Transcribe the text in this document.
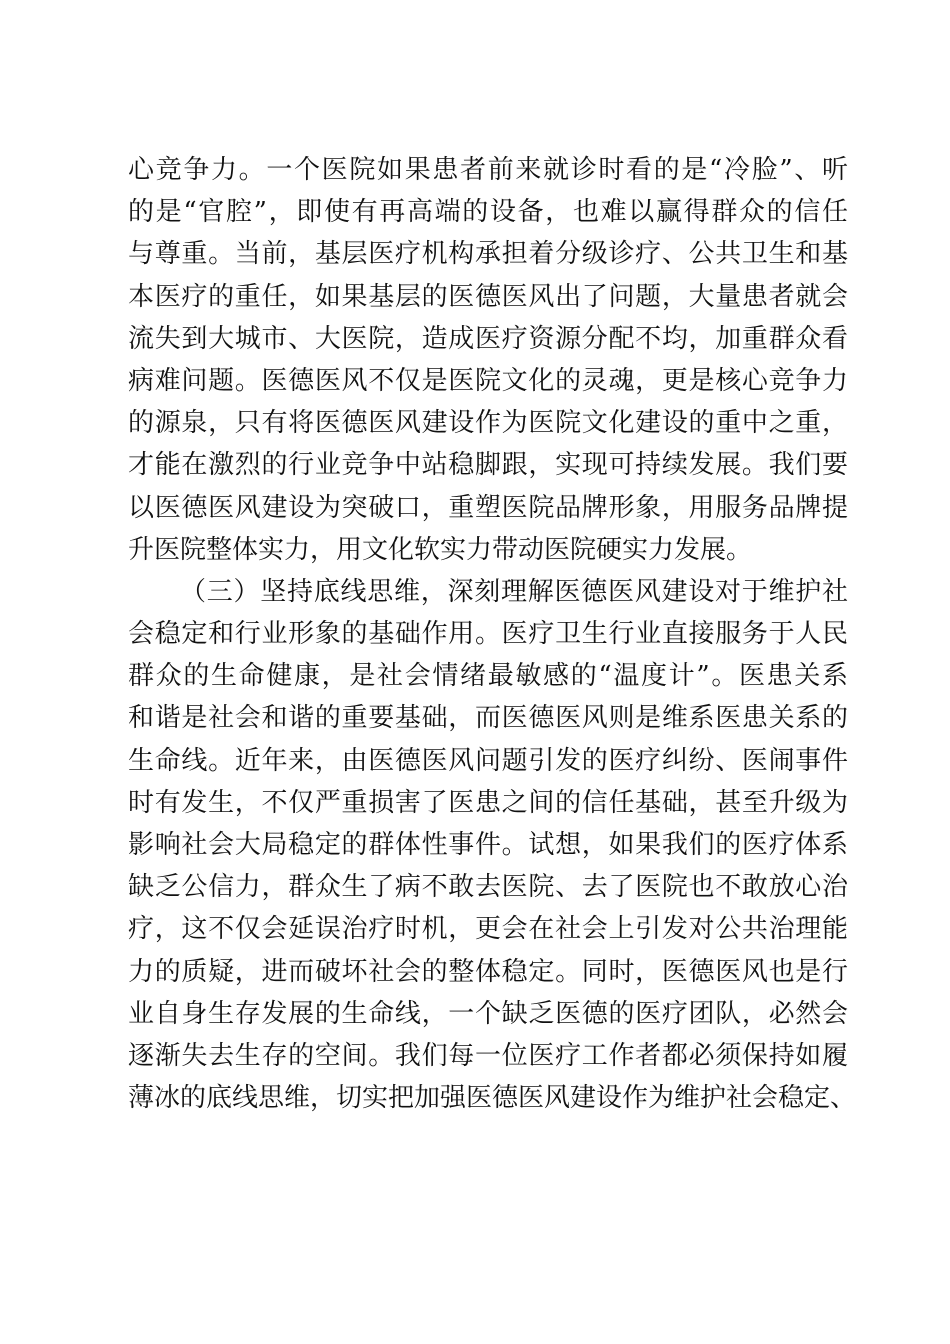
心竞争力。一个医院如果患者前来就诊时看的是“冷脸”、听
的是“官腔”，即使有再高端的设备，也难以赢得群众的信任
与尊重。当前，基层医疗机构承担着分级诊疗、公共卫生和基
本医疗的重任，如果基层的医德医风出了问题，大量患者就会
流失到大城市、大医院，造成医疗资源分配不均，加重群众看
病难问题。医德医风不仅是医院文化的灵魂，更是核心竞争力
的源泉，只有将医德医风建设作为医院文化建设的重中之重，
才能在激烈的行业竞争中站稳脚跟，实现可持续发展。我们要
以医德医风建设为突破口，重塑医院品牌形象，用服务品牌提
升医院整体实力，用文化软实力带动医院硬实力发展。
（三）坚持底线思维，深刻理解医德医风建设对于维护社
会稳定和行业形象的基础作用。医疗卫生行业直接服务于人民
群众的生命健康，是社会情绪最敏感的“温度计”。医患关系
和谐是社会和谐的重要基础，而医德医风则是维系医患关系的
生命线。近年来，由医德医风问题引发的医疗纠纷、医闹事件
时有发生，不仅严重损害了医患之间的信任基础，甚至升级为
影响社会大局稳定的群体性事件。试想，如果我们的医疗体系
缺乏公信力，群众生了病不敢去医院、去了医院也不敢放心治
疗，这不仅会延误治疗时机，更会在社会上引发对公共治理能
力的质疑，进而破坏社会的整体稳定。同时，医德医风也是行
业自身生存发展的生命线，一个缺乏医德的医疗团队，必然会
逐渐失去生存的空间。我们每一位医疗工作者都必须保持如履
薄冰的底线思维，切实把加强医德医风建设作为维护社会稳定、
